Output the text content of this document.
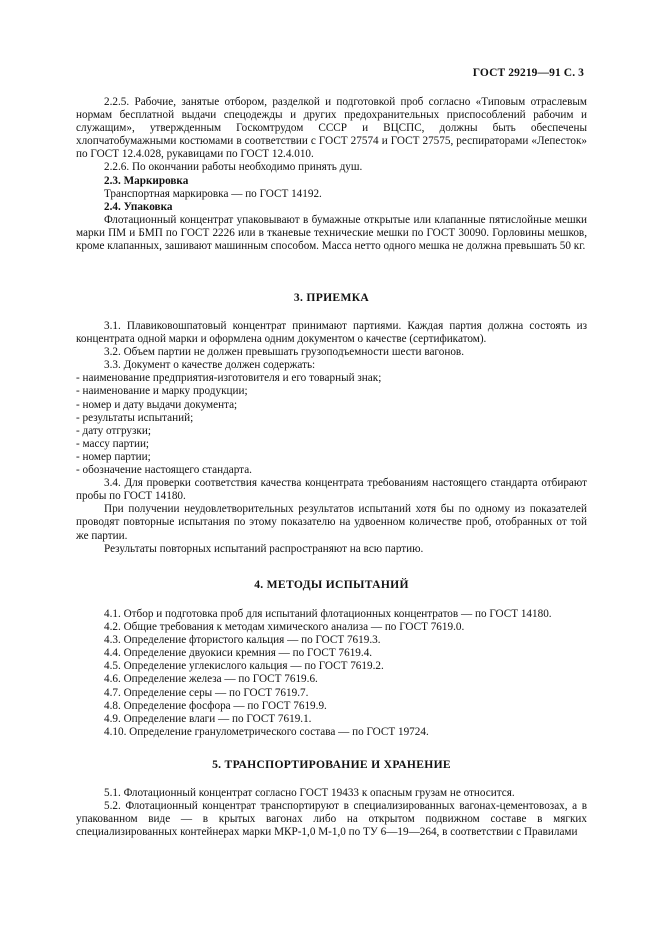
ГОСТ 29219—91 С. 3

2.2.5. Рабочие, занятые отбором, разделкой и подготовкой проб согласно «Типовым отраслевым нормам бесплатной выдачи спецодежды и других предохранительных приспособлений рабочим и служащим», утвержденным Госкомтрудом СССР и ВЦСПС, должны быть обеспечены хлопчатобумажными костюмами в соответствии с ГОСТ 27574 и ГОСТ 27575, респираторами «Лепесток» по ГОСТ 12.4.028, рукавицами по ГОСТ 12.4.010.

2.2.6. По окончании работы необходимо принять душ.

2.3. Маркировка

Транспортная маркировка — по ГОСТ 14192.

2.4. Упаковка

Флотационный концентрат упаковывают в бумажные открытые или клапанные пятислойные мешки марки ПМ и БМП по ГОСТ 2226 или в тканевые технические мешки по ГОСТ 30090. Горловины мешков, кроме клапанных, зашивают машинным способом. Масса нетто одного мешка не должна превышать 50 кг.

3. ПРИЕМКА

3.1. Плавиковошпатовый концентрат принимают партиями. Каждая партия должна состоять из концентрата одной марки и оформлена одним документом о качестве (сертификатом).

3.2. Объем партии не должен превышать грузоподъемности шести вагонов.

3.3. Документ о качестве должен содержать:

- наименование предприятия-изготовителя и его товарный знак;
- наименование и марку продукции;
- номер и дату выдачи документа;
- результаты испытаний;
- дату отгрузки;
- массу партии;
- номер партии;
- обозначение настоящего стандарта.

3.4. Для проверки соответствия качества концентрата требованиям настоящего стандарта отбирают пробы по ГОСТ 14180.

При получении неудовлетворительных результатов испытаний хотя бы по одному из показателей проводят повторные испытания по этому показателю на удвоенном количестве проб, отобранных от той же партии.

Результаты повторных испытаний распространяют на всю партию.

4. МЕТОДЫ ИСПЫТАНИЙ

4.1. Отбор и подготовка проб для испытаний флотационных концентратов — по ГОСТ 14180.

4.2. Общие требования к методам химического анализа — по ГОСТ 7619.0.

4.3. Определение фтористого кальция — по ГОСТ 7619.3.

4.4. Определение двуокиси кремния — по ГОСТ 7619.4.

4.5. Определение углекислого кальция — по ГОСТ 7619.2.

4.6. Определение железа — по ГОСТ 7619.6.

4.7. Определение серы — по ГОСТ 7619.7.

4.8. Определение фосфора — по ГОСТ 7619.9.

4.9. Определение влаги — по ГОСТ 7619.1.

4.10. Определение гранулометрического состава — по ГОСТ 19724.

5. ТРАНСПОРТИРОВАНИЕ И ХРАНЕНИЕ

5.1. Флотационный концентрат согласно ГОСТ 19433 к опасным грузам не относится.

5.2. Флотационный концентрат транспортируют в специализированных вагонах-цементовозах, а в упакованном виде — в крытых вагонах либо на открытом подвижном составе в мягких специализированных контейнерах марки МКР-1,0 М-1,0 по ТУ 6—19—264, в соответствии с Правилами
